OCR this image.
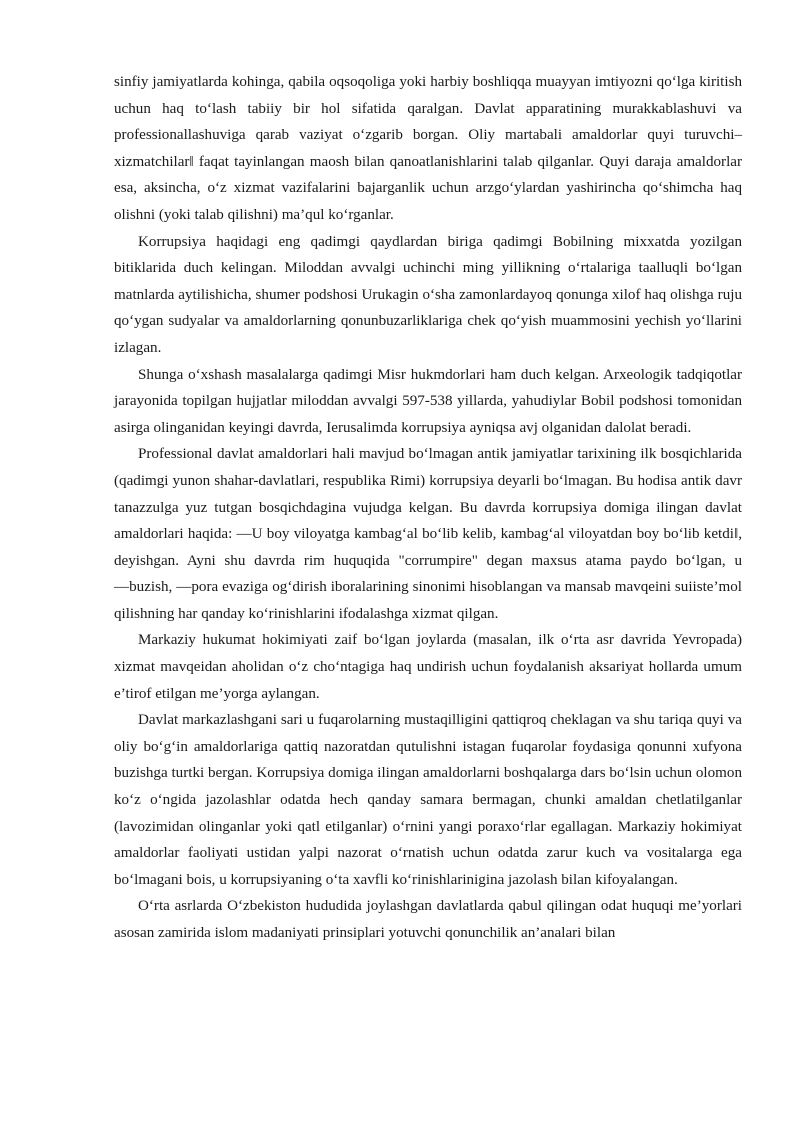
sinfiy jamiyatlarda kohinga, qabila oqsoqoliga yoki harbiy boshliqqa muayyan imtiyozni qo‘lga kiritish uchun haq to‘lash tabiiy bir hol sifatida qaralgan. Davlat apparatining murakkablashuvi va professionallashuviga qarab vaziyat o‘zgarib borgan. Oliy martabali amaldorlar quyi turuvchi–xizmatchilar‖ faqat tayinlangan maosh bilan qanoatlanishlarini talab qilganlar. Quyi daraja amaldorlar esa, aksincha, o‘z xizmat vazifalarini bajarganlik uchun arzgo‘ylardan yashirincha qo‘shimcha haq olishni (yoki talab qilishni) ma’qul ko‘rganlar.

Korrupsiya haqidagi eng qadimgi qaydlardan biriga qadimgi Bobilning mixxatda yozilgan bitiklarida duch kelingan. Miloddan avvalgi uchinchi ming yillikning o‘rtalariga taalluqli bo‘lgan matnlarda aytilishicha, shumer podshosi Urukagin o‘sha zamonlardayoq qonunga xilof haq olishga ruju qo‘ygan sudyalar va amaldorlarning qonunbuzarliklariga chek qo‘yish muammosini yechish yo‘llarini izlagan.

Shunga o‘xshash masalalarga qadimgi Misr hukmdorlari ham duch kelgan. Arxeologik tadqiqotlar jarayonida topilgan hujjatlar miloddan avvalgi 597-538 yillarda, yahudiylar Bobil podshosi tomonidan asirga olinganidan keyingi davrda, Ierusalimda korrupsiya ayniqsa avj olganidan dalolat beradi.

Professional davlat amaldorlari hali mavjud bo‘lmagan antik jamiyatlar tarixining ilk bosqichlarida (qadimgi yunon shahar-davlatlari, respublika Rimi) korrupsiya deyarli bo‘lmagan. Bu hodisa antik davr tanazzulga yuz tutgan bosqichdagina vujudga kelgan. Bu davrda korrupsiya domiga ilingan davlat amaldorlari haqida: ―U boy viloyatga kambag‘al bo‘lib kelib, kambag‘al viloyatdan boy bo‘lib ketdi‖, deyishgan. Ayni shu davrda rim huquqida "corrumpire" degan maxsus atama paydo bo‘lgan, u ―buzish, ―pora evaziga og‘dirish iboralarining sinonimi hisoblangan va mansab mavqeini suiiste’mol qilishning har qanday ko‘rinishlarini ifodalashga xizmat qilgan.

Markaziy hukumat hokimiyati zaif bo‘lgan joylarda (masalan, ilk o‘rta asr davrida Yevropada) xizmat mavqeidan aholidan o‘z cho‘ntagiga haq undirish uchun foydalanish aksariyat hollarda umum e’tirof etilgan me’yorga aylangan.

Davlat markazlashgani sari u fuqarolarning mustaqilligini qattiqroq cheklagan va shu tariqa quyi va oliy bo‘g‘in amaldorlariga qattiq nazoratdan qutulishni istagan fuqarolar foydasiga qonunni xufyona buzishga turtki bergan. Korrupsiya domiga ilingan amaldorlarni boshqalarga dars bo‘lsin uchun olomon ko‘z o‘ngida jazolashlar odatda hech qanday samara bermagan, chunki amaldan chetlatilganlar (lavozimidan olinganlar yoki qatl etilganlar) o‘rnini yangi poraxo‘rlar egallagan. Markaziy hokimiyat amaldorlar faoliyati ustidan yalpi nazorat o‘rnatish uchun odatda zarur kuch va vositalarga ega bo‘lmagani bois, u korrupsiyaning o‘ta xavfli ko‘rinishlarinigina jazolash bilan kifoyalangan.

O‘rta asrlarda O‘zbekiston hududida joylashgan davlatlarda qabul qilingan odat huquqi me’yorlari asosan zamirida islom madaniyati prinsiplari yotuvchi qonunchilik an’analari bilan
